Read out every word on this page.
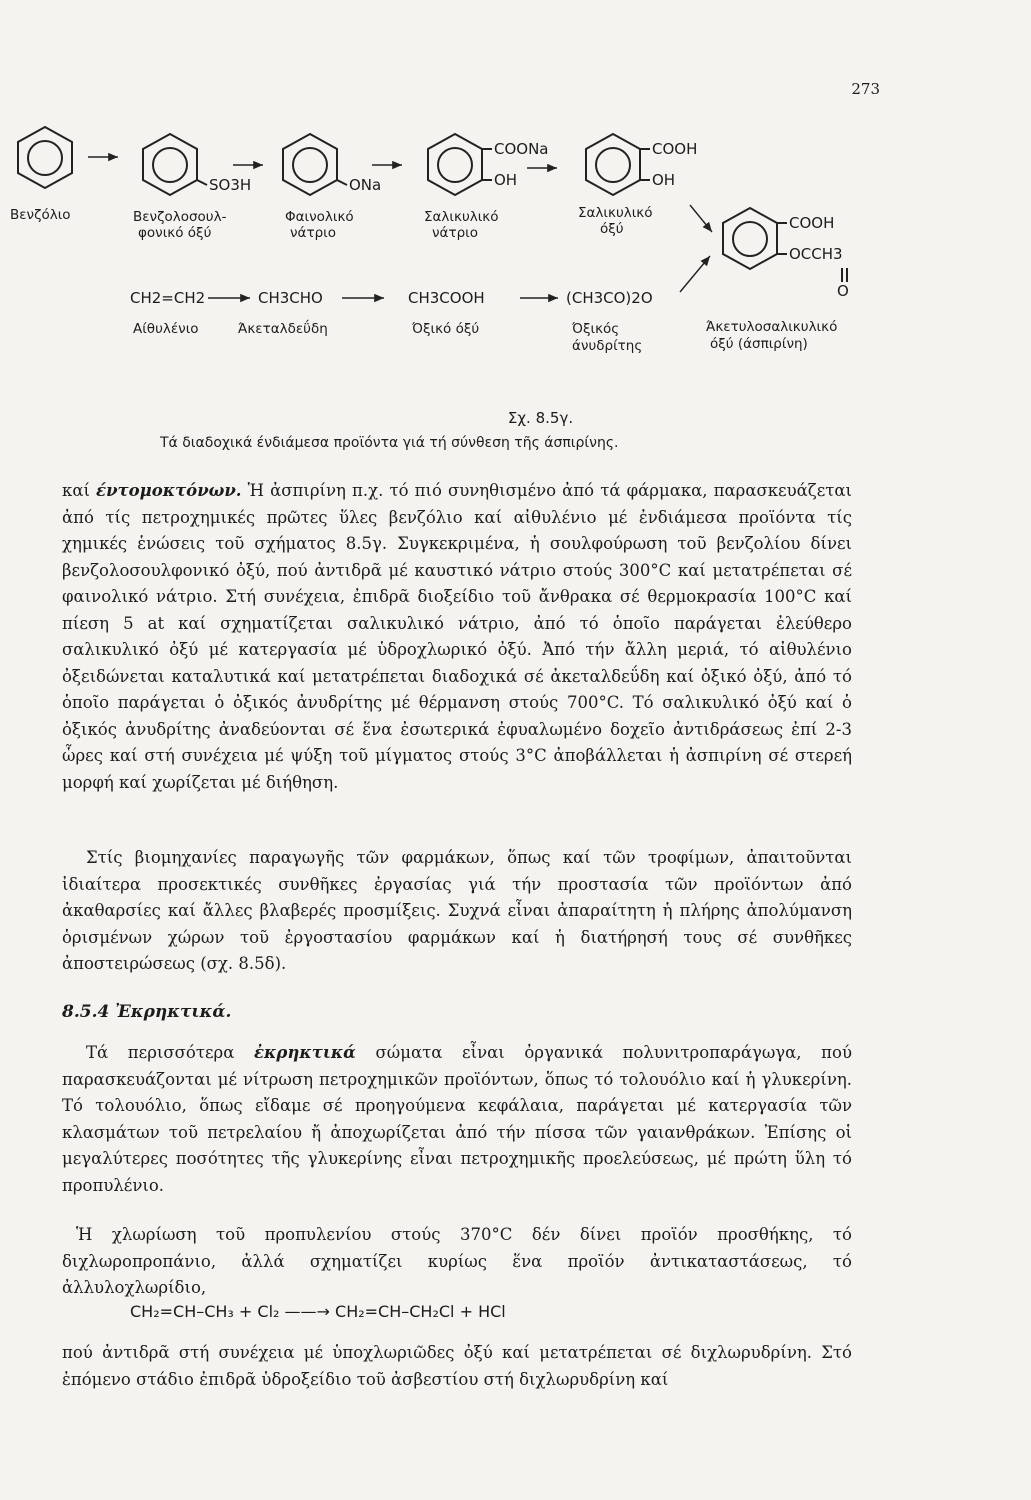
273
Βενζόλιο
SO3H
Βενζολοσουλ-
φονικό όξύ
ONa
Φαινολικό
νάτριο
COONa
OH
Σαλικυλικό
νάτριο
COOH
OH
Σαλικυλικό
όξύ	COOH
OCCH3
O
Άκετυλοσαλικυλικό
όξύ (άσπιρίνη)
CH2=CH2
Αίθυλένιο
CH3CHO
Άκεταλδεΰδη
CH3COOH
Όξικό όξύ
(CH3CO)2O
Όξικός
άνυδρίτης
Σχ. 8.5γ.
Τά διαδοχικά ένδιάμεσα προϊόντα γιά τή σύνθεση τῆς άσπιρίνης.
καί έντομοκτόνων. Ἡ ἀσπιρίνη π.χ. τό πιό συνηθισμένο ἀπό τά φάρμακα, παρασκευάζεται ἀπό τίς πετροχημικές πρῶτες ὕλες βενζόλιο καί αἰθυλένιο μέ ἐνδιάμεσα προϊόντα τίς χημικές ἑνώσεις τοῦ σχήματος 8.5γ. Συγκεκριμένα, ἡ σουλφούρωση τοῦ βενζολίου δίνει βενζολοσουλφονικό ὀξύ, πού ἀντιδρᾶ μέ καυστικό νάτριο στούς 300°C καί μετατρέπεται σέ φαινολικό νάτριο. Στή συνέχεια, ἐπιδρᾶ διοξείδιο τοῦ ἄνθρακα σέ θερμοκρασία 100°C καί πίεση 5 at καί σχηματίζεται σαλικυλικό νάτριο, ἀπό τό ὁποῖο παράγεται ἐλεύθερο σαλικυλικό ὀξύ μέ κατεργασία μέ ὑδροχλωρικό ὀξύ. Ἀπό τήν ἄλλη μεριά, τό αἰθυλένιο ὀξειδώνεται καταλυτικά καί μετατρέπεται διαδοχικά σέ ἀκεταλδεΰδη καί ὀξικό ὀξύ, ἀπό τό ὁποῖο παράγεται ὁ ὀξικός ἀνυδρίτης μέ θέρμανση στούς 700°C. Τό σαλικυλικό ὀξύ καί ὁ ὀξικός ἀνυδρίτης ἀναδεύονται σέ ἕνα ἐσωτερικά ἐφυαλωμένο δοχεῖο ἀντιδράσεως ἐπί 2-3 ὧρες καί στή συνέχεια μέ ψύξη τοῦ μίγματος στούς 3°C ἀποβάλλεται ἡ ἀσπιρίνη σέ στερεή μορφή καί χωρίζεται μέ διήθηση.
Στίς βιομηχανίες παραγωγῆς τῶν φαρμάκων, ὅπως καί τῶν τροφίμων, ἀπαιτοῦνται ἰδιαίτερα προσεκτικές συνθῆκες ἐργασίας γιά τήν προστασία τῶν προϊόντων ἀπό ἀκαθαρσίες καί ἄλλες βλαβερές προσμίξεις. Συχνά εἶναι ἀπαραίτητη ἡ πλήρης ἀπολύμανση ὁρισμένων χώρων τοῦ ἐργοστασίου φαρμάκων καί ἡ διατήρησή τους σέ συνθῆκες ἀποστειρώσεως (σχ. 8.5δ).
8.5.4 Ἐκρηκτικά.
Τά περισσότερα ἐκρηκτικά σώματα εἶναι ὀργανικά πολυνιτροπαράγωγα, πού παρασκευάζονται μέ νίτρωση πετροχημικῶν προϊόντων, ὅπως τό τολουόλιο καί ἡ γλυκερίνη. Τό τολουόλιο, ὅπως εἴδαμε σέ προηγούμενα κεφάλαια, παράγεται μέ κατεργασία τῶν κλασμάτων τοῦ πετρελαίου ἤ ἀποχωρίζεται ἀπό τήν πίσσα τῶν γαιανθράκων. Ἐπίσης οἱ μεγαλύτερες ποσότητες τῆς γλυκερίνης εἶναι πετροχημικῆς προελεύσεως, μέ πρώτη ὕλη τό προπυλένιο.
Ἡ χλωρίωση τοῦ προπυλενίου στούς 370°C δέν δίνει προϊόν προσθήκης, τό διχλωροπροπάνιο, ἀλλά σχηματίζει κυρίως ἕνα προϊόν ἀντικαταστάσεως, τό ἀλλυλοχλωρίδιο,
CH₂=CH–CH₃ + Cl₂ ——→ CH₂=CH–CH₂Cl + HCl
πού ἀντιδρᾶ στή συνέχεια μέ ὑποχλωριῶδες ὀξύ καί μετατρέπεται σέ διχλωρυδρίνη. Στό ἑπόμενο στάδιο ἐπιδρᾶ ὑδροξείδιο τοῦ ἀσβεστίου στή διχλωρυδρίνη καί
